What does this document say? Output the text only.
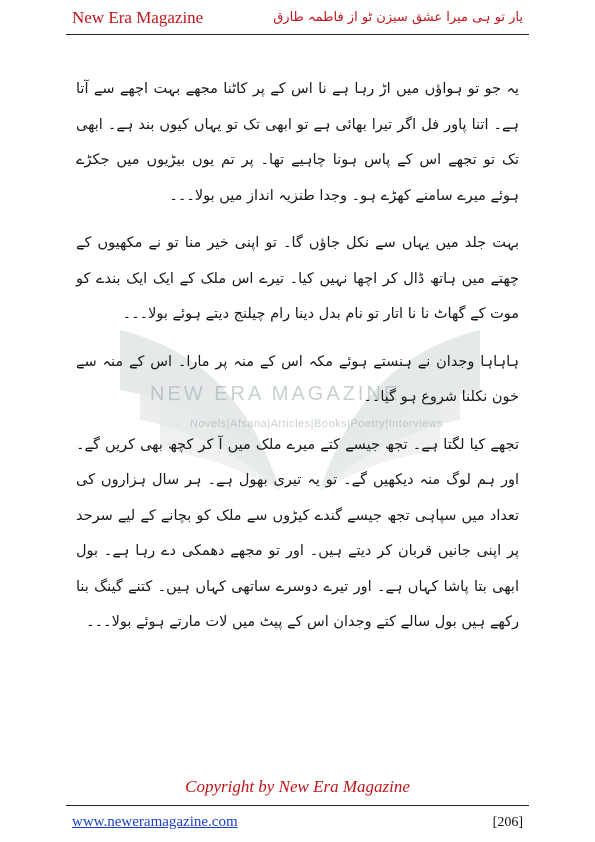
New Era Magazine	یار تو ہی میرا عشق سیزن ٹو از فاطمہ طارق
NEW ERA MAGAZINE
Novels|Afsana|Articles|Books|Poetry|Interviews

یہ جو تو ہواؤں میں اڑ رہا ہے نا اس کے پر کاٹنا مجھے بہت اچھے سے آتا ہے۔ اتنا پاور فل اگر تیرا بھائی ہے تو ابھی تک تو یہاں کیوں بند ہے۔ ابھی تک تو تجھے اس کے پاس ہونا چاہیے تھا۔ پر تم یوں بیڑیوں میں جکڑے ہوئے میرے سامنے کھڑے ہو۔ وجدا طنزیہ انداز میں بولا۔۔۔

بہت جلد میں یہاں سے نکل جاؤں گا۔ تو اپنی خیر منا تو نے مکھیوں کے چھتے میں ہاتھ ڈال کر اچھا نہیں کیا۔ تیرے اس ملک کے ایک ایک بندے کو موت کے گھاٹ نا نا اتار تو نام بدل دینا رام چیلنج دیتے ہوئے بولا۔۔۔

ہاہاہا وجدان نے ہنستے ہوئے مکہ اس کے منہ پر مارا۔ اس کے منہ سے خون نکلنا شروع ہو گیا۔۔

تجھے کیا لگتا ہے۔ تجھ جیسے کتے میرے ملک میں آ کر کچھ بھی کریں گے۔ اور ہم لوگ منہ دیکھیں گے۔ تو یہ تیری بھول ہے۔ ہر سال ہزاروں کی تعداد میں سپاہی تجھ جیسے گندے کیڑوں سے ملک کو بچانے کے لیے سرحد پر اپنی جانیں قربان کر دیتے ہیں۔ اور تو مجھے دھمکی دے رہا ہے۔ بول ابھی بتا پاشا کہاں ہے۔ اور تیرے دوسرے ساتھی کہاں ہیں۔ کتنے گینگ بنا رکھے ہیں بول سالے کتے وجدان اس کے پیٹ میں لات مارتے ہوئے بولا۔۔۔

Copyright by New Era Magazine
www.neweramagazine.com	[206]
